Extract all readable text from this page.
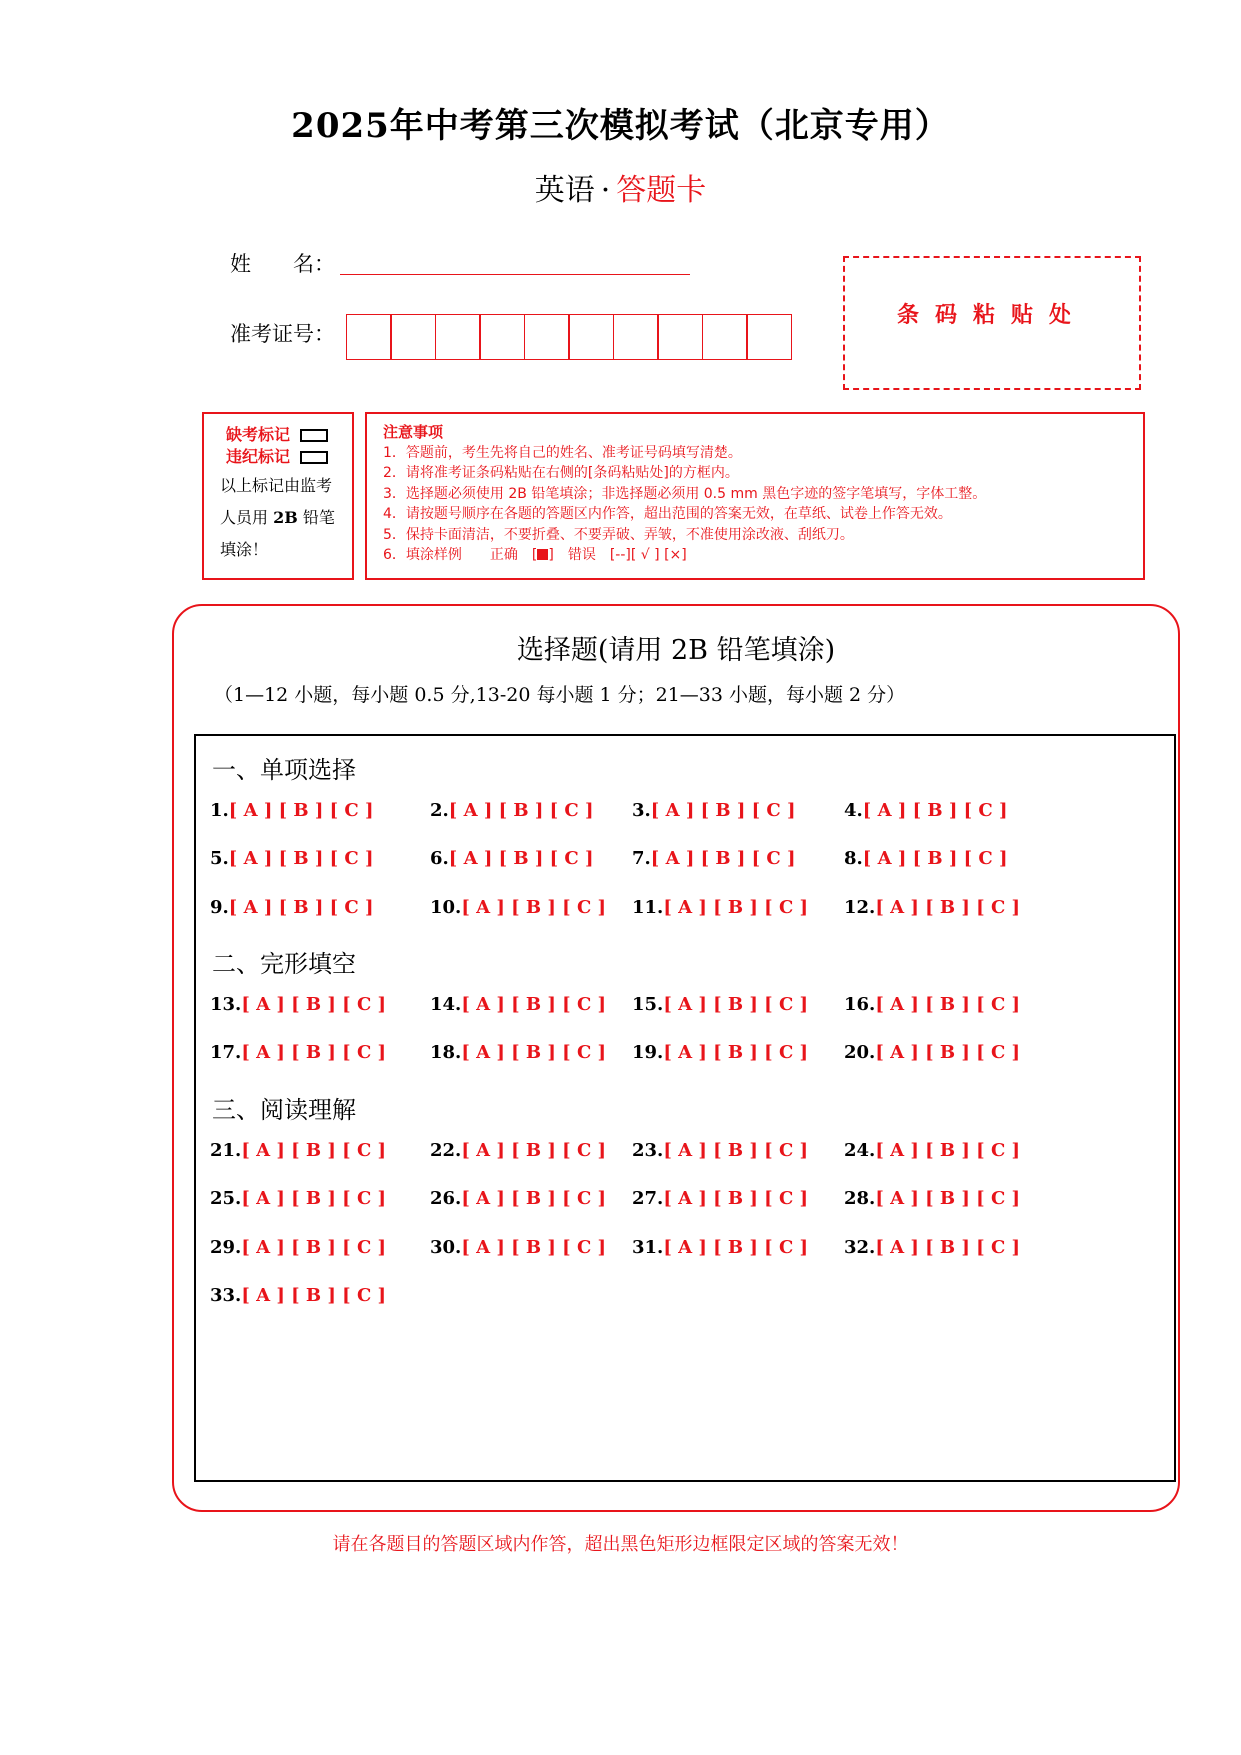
2025年中考第三次模拟考试（北京专用）
英语 · 答题卡
姓　　名：
准考证号：
条码粘贴处
缺考标记
违纪标记
以上标记由监考
人员用 2B 铅笔
填涂！
注意事项
1．答题前，考生先将自己的姓名、准考证号码填写清楚。
2．请将准考证条码粘贴在右侧的[条码粘贴处]的方框内。
3．选择题必须使用 2B 铅笔填涂；非选择题必须用 0.5 mm 黑色字迹的签字笔填写，字体工整。
4．请按题号顺序在各题的答题区内作答，超出范围的答案无效，在草纸、试卷上作答无效。
5．保持卡面清洁，不要折叠、不要弄破、弄皱，不准使用涂改液、刮纸刀。
6．填涂样例　　正确　[ ]　错误　[--][ √ ] [×]
选择题(请用 2B 铅笔填涂)
（1—12 小题，每小题 0.5 分,13-20 每小题 1 分；21—33 小题，每小题 2 分）
一、单项选择
二、完形填空
三、阅读理解
1.[ A ] [ B ] [ C ]	2.[ A ] [ B ] [ C ] 3.[ A ] [ B ] [ C ]	4.[ A ] [ B ] [ C ]
5.[ A ] [ B ] [ C ]	6.[ A ] [ B ] [ C ] 7.[ A ] [ B ] [ C ]	8.[ A ] [ B ] [ C ]
9.[ A ] [ B ] [ C ]	10.[ A ] [ B ] [ C ] 11.[ A ] [ B ] [ C ] 12.[ A ] [ B ] [ C ]
13.[ A ] [ B ] [ C ] 14.[ A ] [ B ] [ C ] 15.[ A ] [ B ] [ C ] 16.[ A ] [ B ] [ C ]
17.[ A ] [ B ] [ C ] 18.[ A ] [ B ] [ C ] 19.[ A ] [ B ] [ C ] 20.[ A ] [ B ] [ C ]
21.[ A ] [ B ] [ C ] 22.[ A ] [ B ] [ C ] 23.[ A ] [ B ] [ C ] 24.[ A ] [ B ] [ C ]
25.[ A ] [ B ] [ C ] 26.[ A ] [ B ] [ C ] 27.[ A ] [ B ] [ C ] 28.[ A ] [ B ] [ C ]
29.[ A ] [ B ] [ C ] 30.[ A ] [ B ] [ C ] 31.[ A ] [ B ] [ C ] 32.[ A ] [ B ] [ C ]
33.[ A ] [ B ] [ C ]
请在各题目的答题区域内作答，超出黑色矩形边框限定区域的答案无效！
